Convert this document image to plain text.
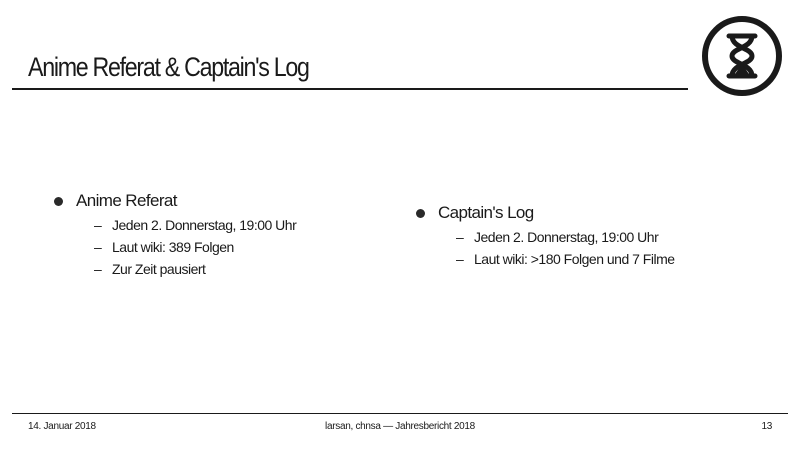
Anime Referat & Captain's Log
Anime Referat
– Jeden 2. Donnerstag, 19:00 Uhr
– Laut wiki: 389 Folgen
– Zur Zeit pausiert
Captain's Log
– Jeden 2. Donnerstag, 19:00 Uhr
– Laut wiki: >180 Folgen und 7 Filme
14. Januar 2018	larsan, chnsa — Jahresbericht 2018	13
